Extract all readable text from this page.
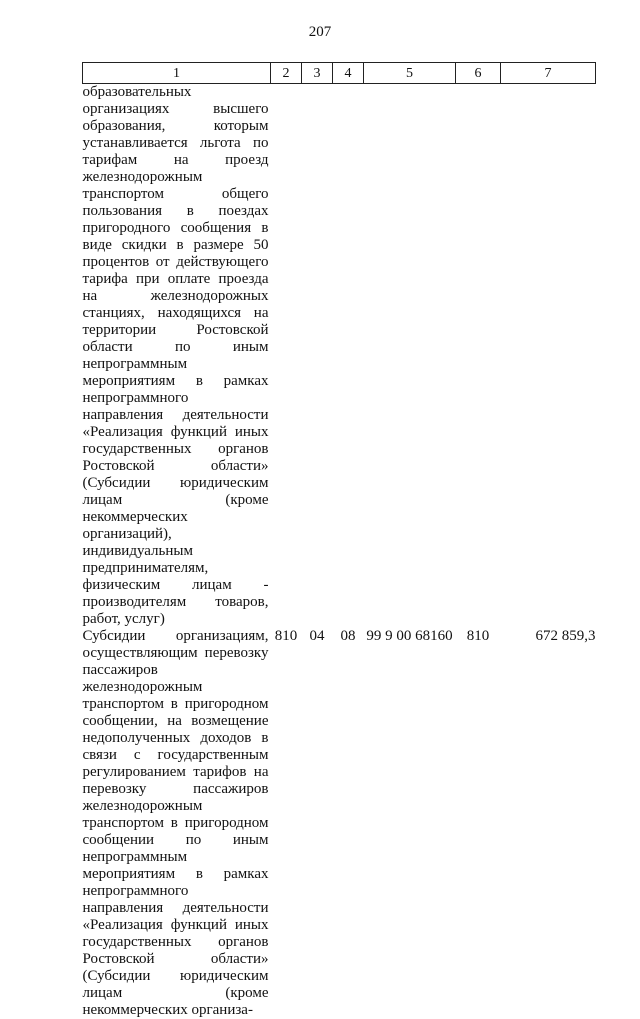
207
1	2	3	4	5	6	7
образовательных организациях высшего образования, которым устанавливается льгота по тарифам на проезд железнодорожным транспортом общего пользования в поездах пригородного сообщения в виде скидки в размере 50 процентов от действующего тарифа при оплате проезда на железнодорожных станциях, находящихся на территории Ростовской области по иным непрограммным мероприятиям в рамках непрограммного направления деятельности «Реализация функций иных государственных органов Ростовской области» (Субсидии юридическим лицам (кроме некоммерческих организаций), индивидуальным предпринимателям, физическим лицам - производителям товаров, работ, услуг)						
Субсидии организациям, осуществляющим перевозку пассажиров железнодорожным транспортом в пригородном сообщении, на возмещение недополученных доходов в связи с государственным регулированием тарифов на перевозку пассажиров железнодорожным транспортом в пригородном сообщении по иным непрограммным мероприятиям в рамках непрограммного направления деятельности «Реализация функций иных государственных органов Ростовской области» (Субсидии юридическим лицам (кроме некоммерческих организа-	810	04	08	99 9 00 68160	810	672 859,3
